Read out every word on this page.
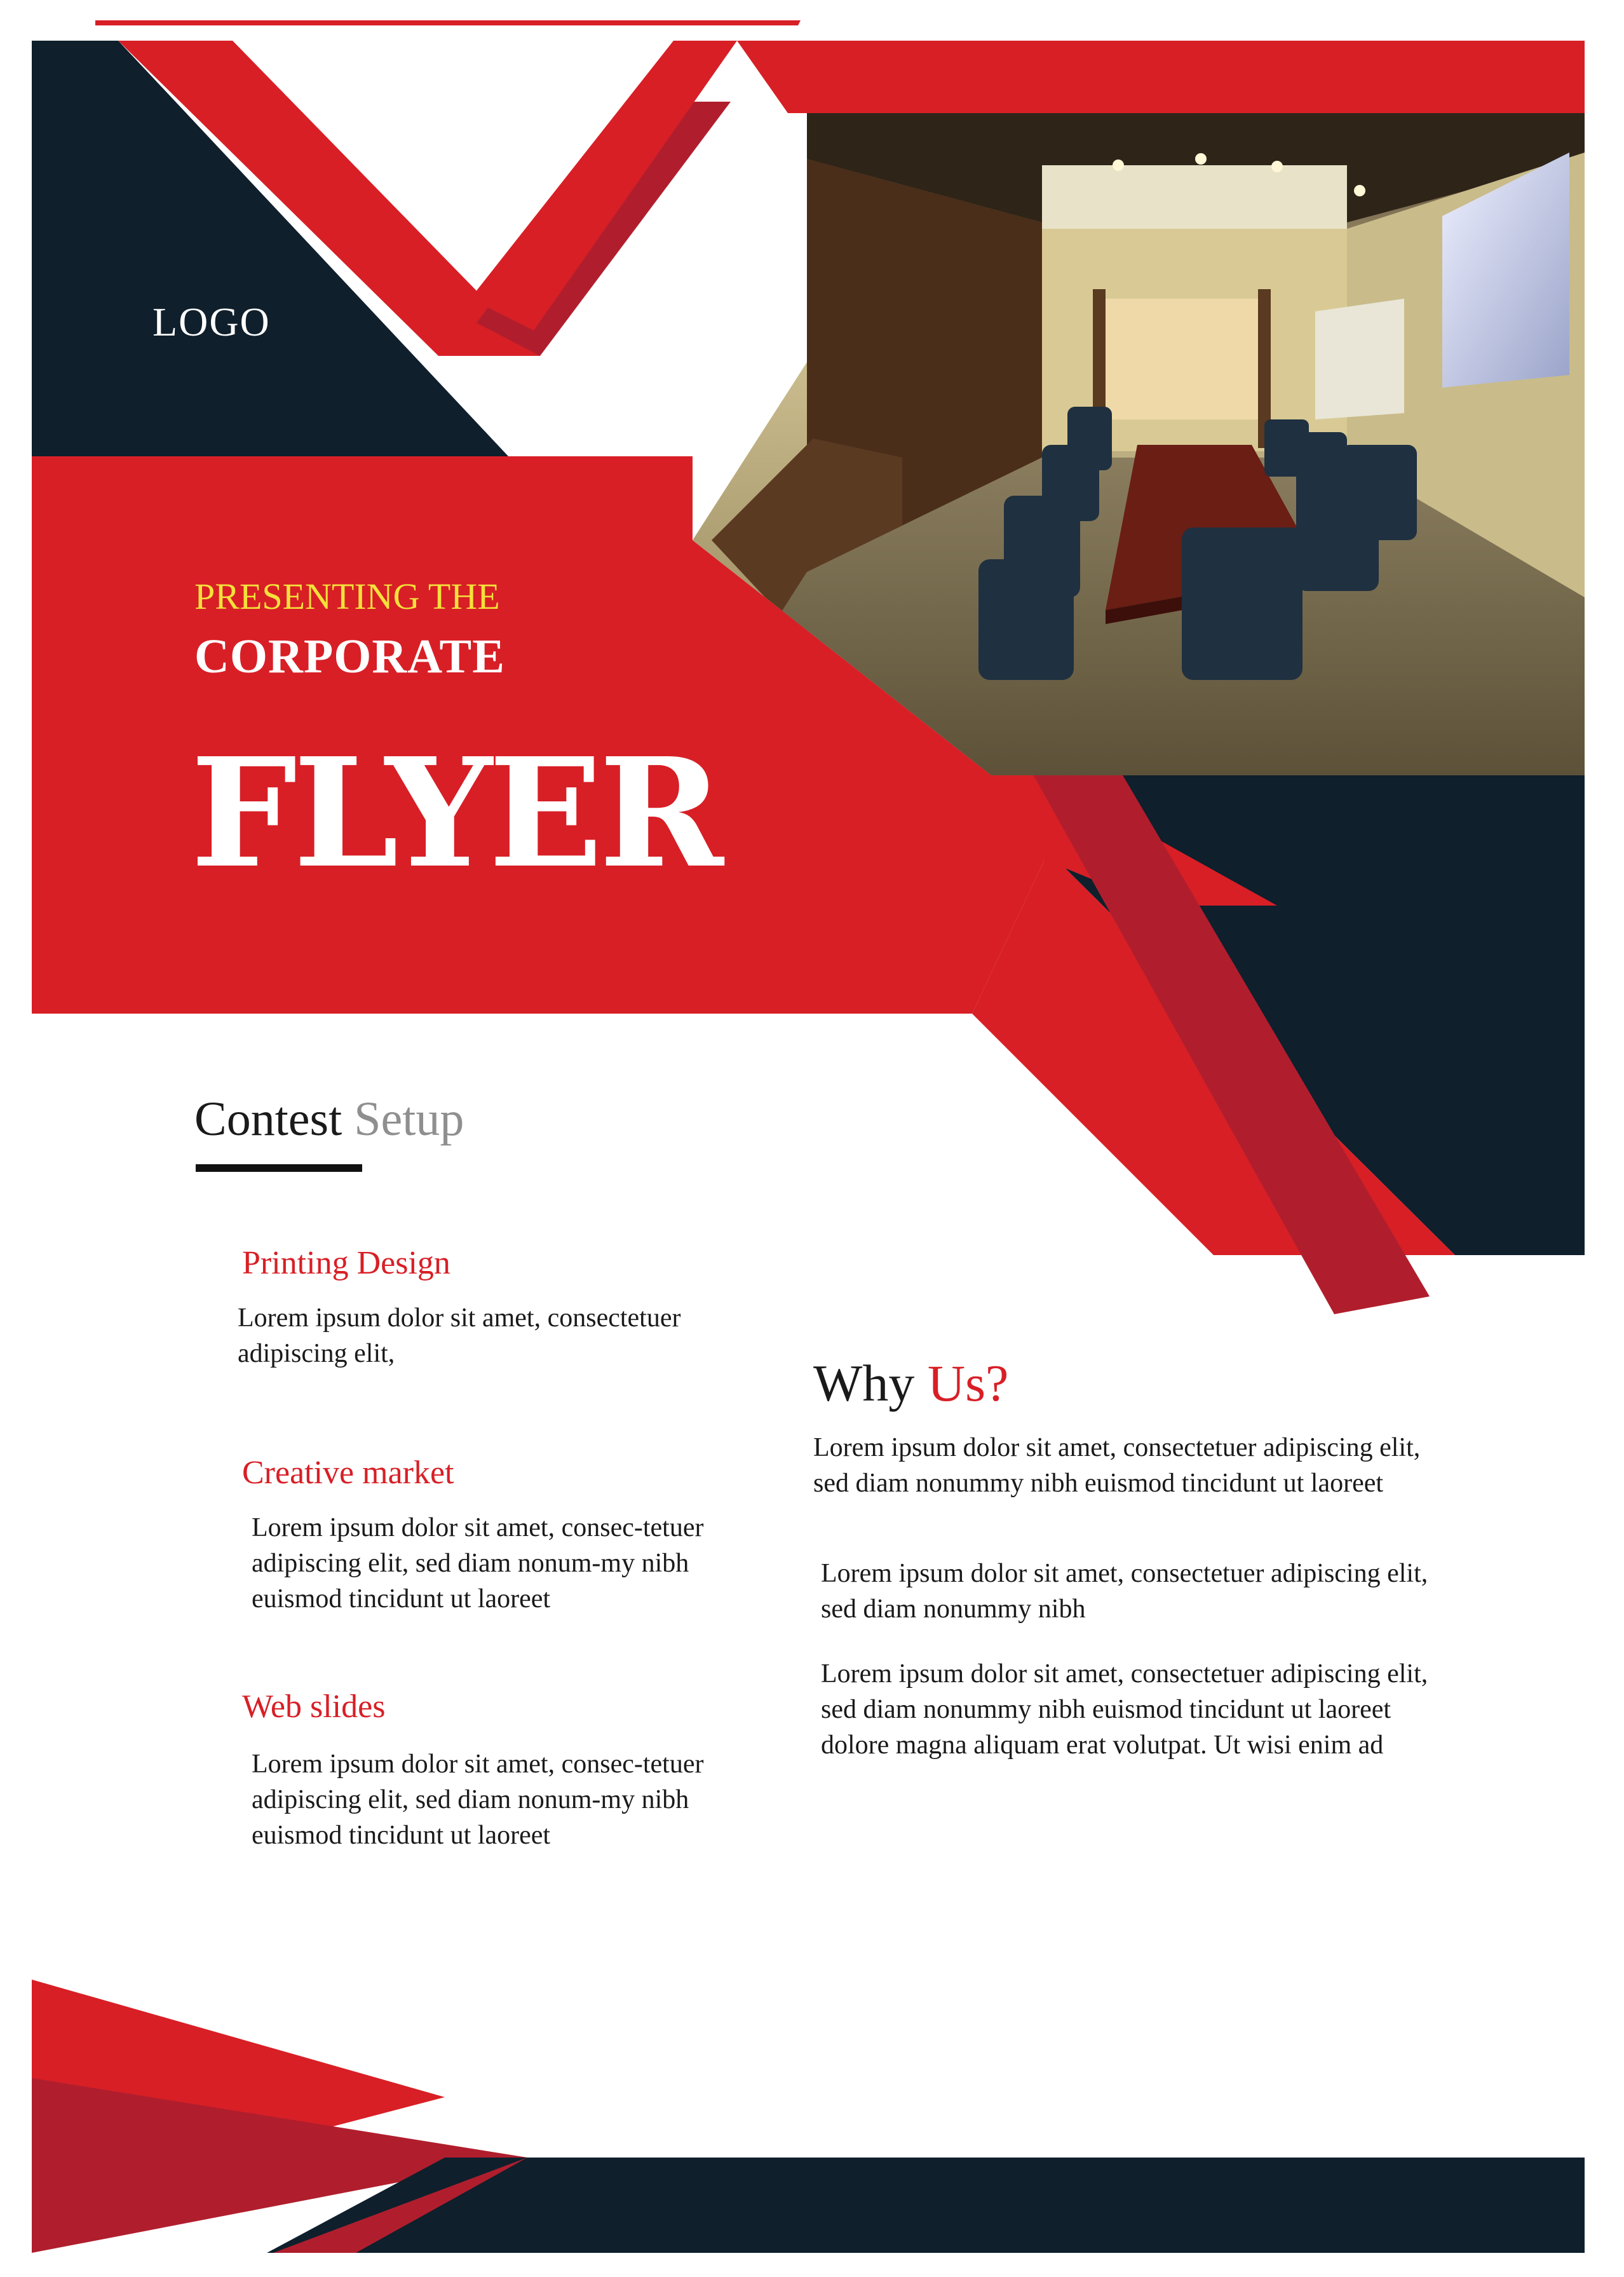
LOGO
PRESENTING THE
CORPORATE
FLYER
Contest Setup
Printing Design
Lorem ipsum dolor sit amet, consectetuer adipiscing elit,
Creative market
Lorem ipsum dolor sit amet, consec-tetuer adipiscing elit, sed diam nonum-my nibh euismod tincidunt ut laoreet
Web slides
Lorem ipsum dolor sit amet, consec-tetuer adipiscing elit, sed diam nonum-my nibh euismod tincidunt ut laoreet
Why Us?
Lorem ipsum dolor sit amet, consectetuer adipiscing elit, sed diam nonummy nibh euismod tincidunt ut laoreet
Lorem ipsum dolor sit amet, consectetuer adipiscing elit, sed diam nonummy nibh
Lorem ipsum dolor sit amet, consectetuer adipiscing elit, sed diam nonummy nibh euismod tincidunt ut laoreet dolore magna aliquam erat volutpat. Ut wisi enim ad
